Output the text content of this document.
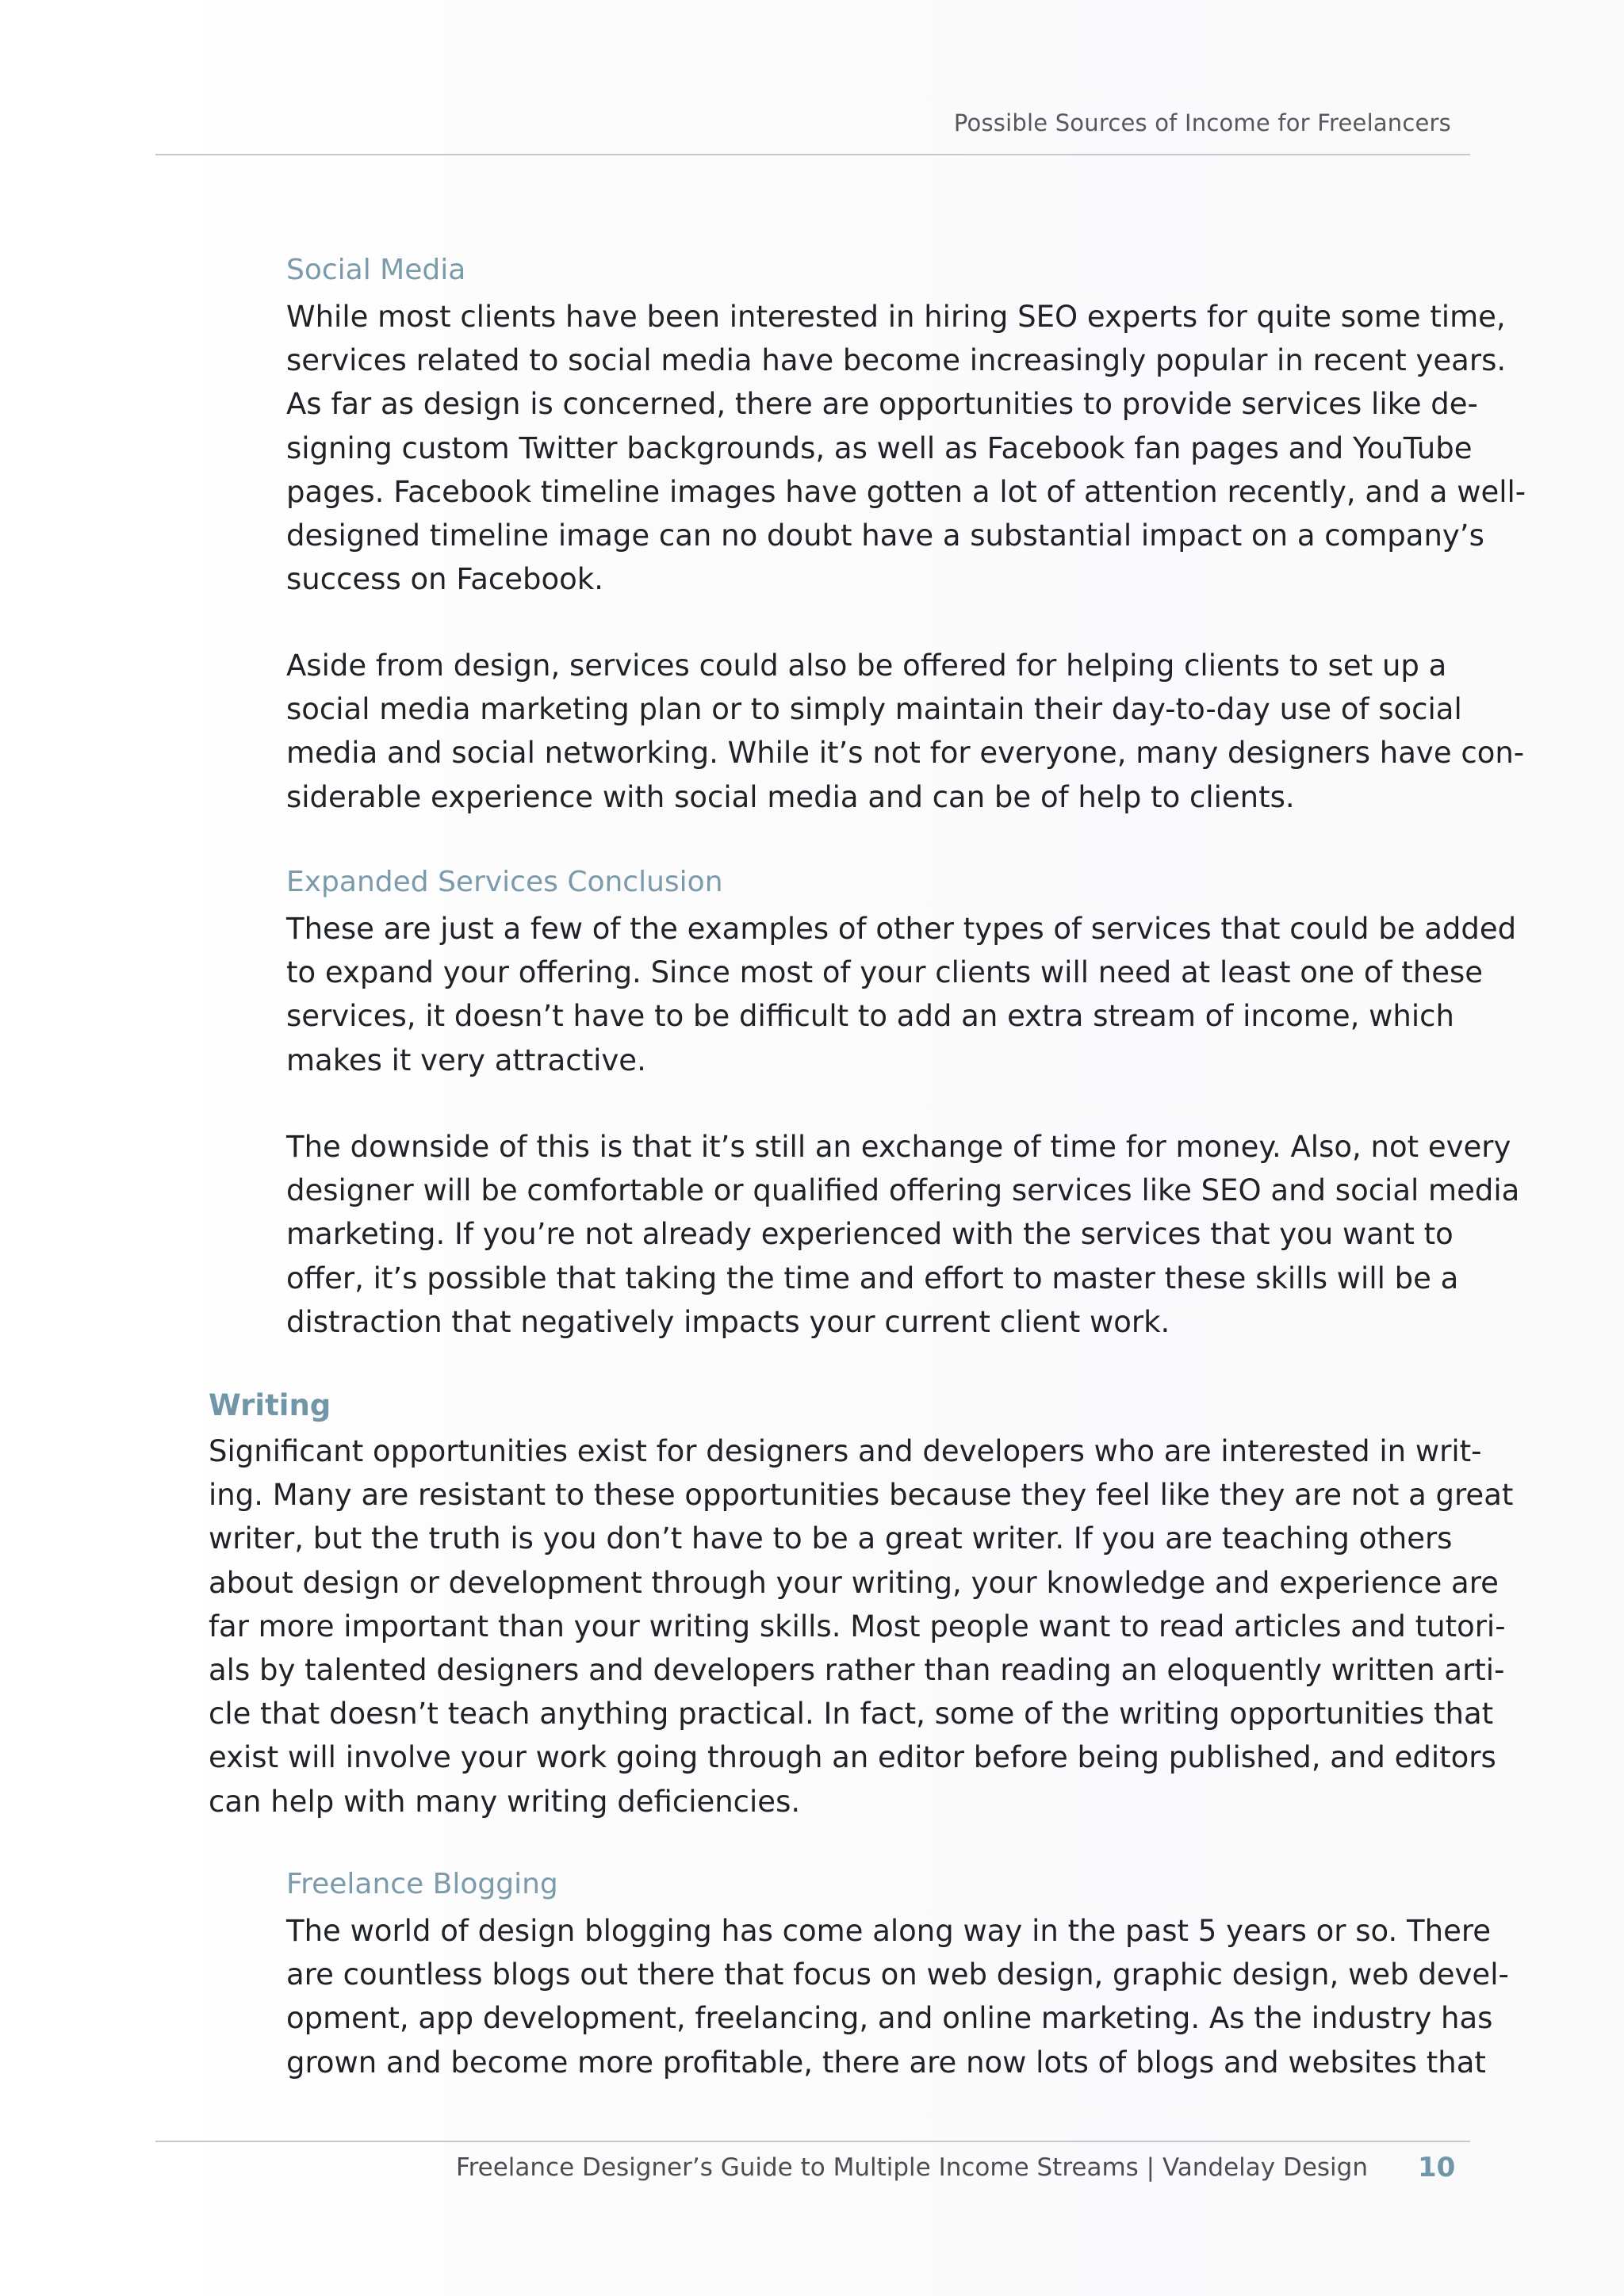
Possible Sources of Income for Freelancers
Social Media

While most clients have been interested in hiring SEO experts for quite some time,
services related to social media have become increasingly popular in recent years.
As far as design is concerned, there are opportunities to provide services like de-
signing custom Twitter backgrounds, as well as Facebook fan pages and YouTube
pages. Facebook timeline images have gotten a lot of attention recently, and a well-
designed timeline image can no doubt have a substantial impact on a company’s
success on Facebook.

Aside from design, services could also be offered for helping clients to set up a
social media marketing plan or to simply maintain their day-to-day use of social
media and social networking. While it’s not for everyone, many designers have con-
siderable experience with social media and can be of help to clients.

Expanded Services Conclusion

These are just a few of the examples of other types of services that could be added
to expand your offering. Since most of your clients will need at least one of these
services, it doesn’t have to be difficult to add an extra stream of income, which
makes it very attractive.

The downside of this is that it’s still an exchange of time for money. Also, not every
designer will be comfortable or qualified offering services like SEO and social media
marketing. If you’re not already experienced with the services that you want to
offer, it’s possible that taking the time and effort to master these skills will be a
distraction that negatively impacts your current client work.

Writing

Significant opportunities exist for designers and developers who are interested in writ-
ing. Many are resistant to these opportunities because they feel like they are not a great
writer, but the truth is you don’t have to be a great writer. If you are teaching others
about design or development through your writing, your knowledge and experience are
far more important than your writing skills. Most people want to read articles and tutori-
als by talented designers and developers rather than reading an eloquently written arti-
cle that doesn’t teach anything practical. In fact, some of the writing opportunities that
exist will involve your work going through an editor before being published, and editors
can help with many writing deficiencies.

Freelance Blogging

The world of design blogging has come along way in the past 5 years or so. There
are countless blogs out there that focus on web design, graphic design, web devel-
opment, app development, freelancing, and online marketing. As the industry has
grown and become more profitable, there are now lots of blogs and websites that

Freelance Designer’s Guide to Multiple Income Streams | Vandelay Design 10
